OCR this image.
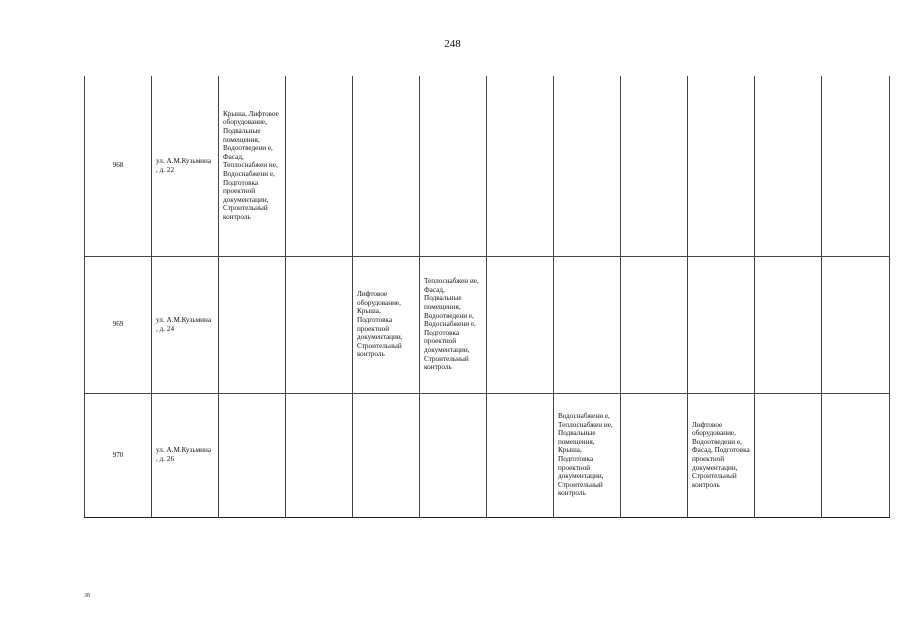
248
968	ул. А.М.Кузьмина , д. 22	Крыша, Лифтовое оборудование, Подвальные помещения, Водоотведени е, Фасад, Теплоснабжен ие, Водоснабжени е, Подготовка проектной документации, Строительный контроль									

969	ул. А.М.Кузьмина , д. 24			Лифтовое оборудование, Крыша, Подготовка проектной документации, Строительный контроль	Теплоснабжен ие, Фасад, Подвальные помещения, Водоотведени е, Водоснабжени е, Подготовка проектной документации, Строительный контроль						

970	ул. А.М.Кузьмина , д. 26						Водоснабжени е, Теплоснабжен ие, Подвальные помещения, Крыша, Подготовка проектной документации, Строительный контроль		Лифтовое оборудование, Водоотведени е, Фасад, Подготовка проектной документации, Строительный контроль		

38
